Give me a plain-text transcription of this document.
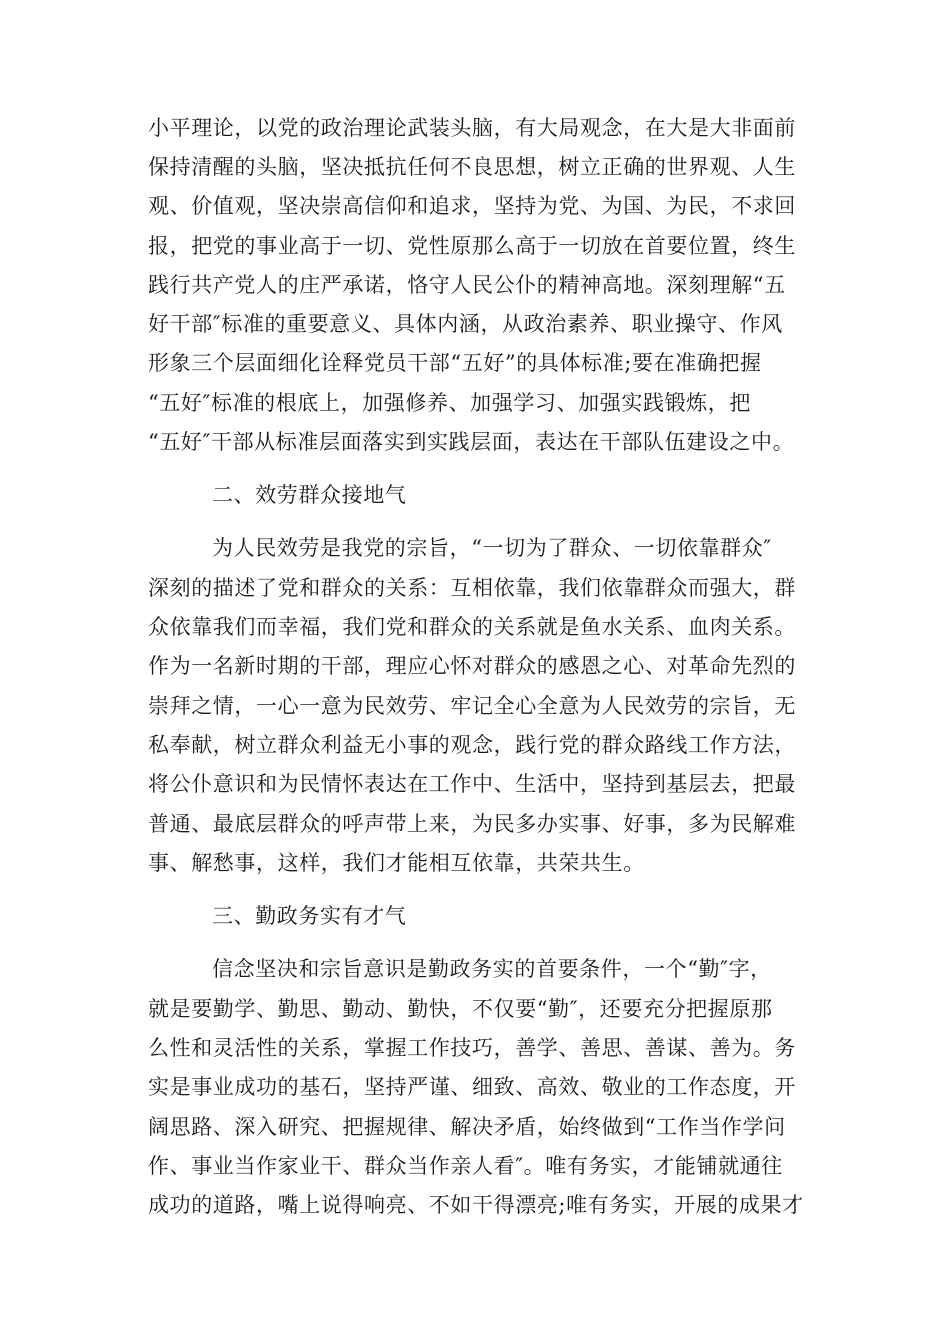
小平理论，以党的政治理论武装头脑，有大局观念，在大是大非面前
保持清醒的头脑，坚决抵抗任何不良思想，树立正确的世界观、人生
观、价值观，坚决崇高信仰和追求，坚持为党、为国、为民，不求回
报，把党的事业高于一切、党性原那么高于一切放在首要位置，终生
践行共产党人的庄严承诺，恪守人民公仆的精神高地。深刻理解“五
好干部″标准的重要意义、具体内涵，从政治素养、职业操守、作风
形象三个层面细化诠释党员干部“五好”的具体标准;要在准确把握
“五好″标准的根底上，加强修养、加强学习、加强实践锻炼，把
“五好″干部从标准层面落实到实践层面，表达在干部队伍建设之中。
二、效劳群众接地气
为人民效劳是我党的宗旨，“一切为了群众、一切依靠群众″
深刻的描述了党和群众的关系：互相依靠，我们依靠群众而强大，群
众依靠我们而幸福，我们党和群众的关系就是鱼水关系、血肉关系。
作为一名新时期的干部，理应心怀对群众的感恩之心、对革命先烈的
崇拜之情，一心一意为民效劳、牢记全心全意为人民效劳的宗旨，无
私奉献，树立群众利益无小事的观念，践行党的群众路线工作方法，
将公仆意识和为民情怀表达在工作中、生活中，坚持到基层去，把最
普通、最底层群众的呼声带上来，为民多办实事、好事，多为民解难
事、解愁事，这样，我们才能相互依靠，共荣共生。
三、勤政务实有才气
信念坚决和宗旨意识是勤政务实的首要条件，一个“勤″字，
就是要勤学、勤思、勤动、勤快，不仅要“勤″，还要充分把握原那
么性和灵活性的关系，掌握工作技巧，善学、善思、善谋、善为。务
实是事业成功的基石，坚持严谨、细致、高效、敬业的工作态度，开
阔思路、深入研究、把握规律、解决矛盾，始终做到“工作当作学问
作、事业当作家业干、群众当作亲人看″。唯有务实，才能铺就通往
成功的道路，嘴上说得响亮、不如干得漂亮;唯有务实，开展的成果才
